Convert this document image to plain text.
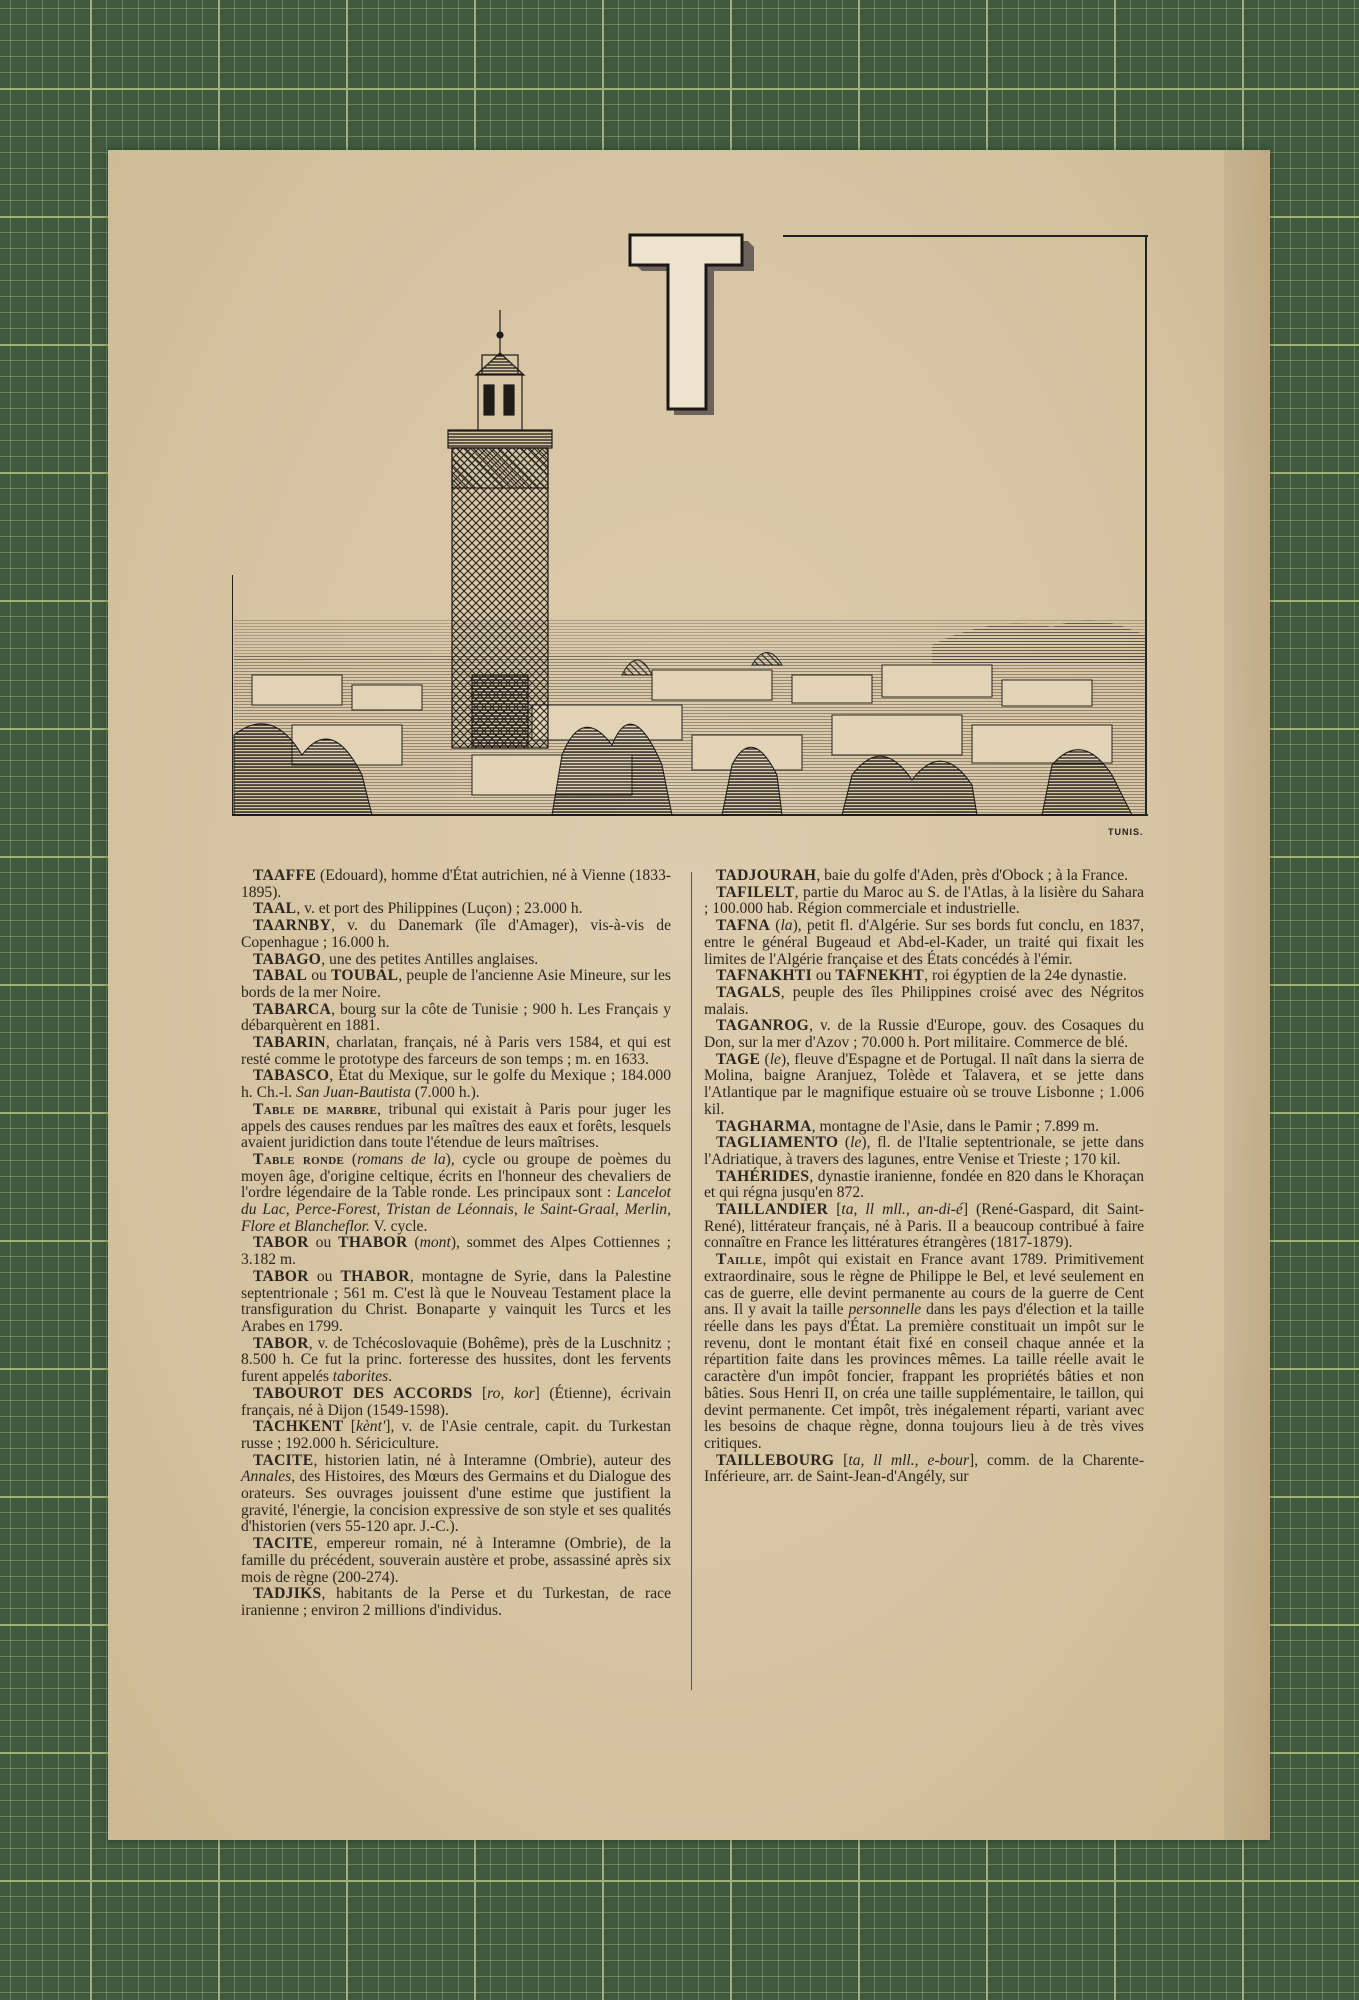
T
TUNIS.

TAAFFE (Edouard), homme d'État autrichien, né à Vienne (1833-1895).

TAAL, v. et port des Philippines (Luçon) ; 23.000 h.

TAARNBY, v. du Danemark (île d'Amager), vis-à-vis de Copenhague ; 16.000 h.

TABAGO, une des petites Antilles anglaises.

TABAL ou TOUBAL, peuple de l'ancienne Asie Mineure, sur les bords de la mer Noire.

TABARCA, bourg sur la côte de Tunisie ; 900 h. Les Français y débarquèrent en 1881.

TABARIN, charlatan, français, né à Paris vers 1584, et qui est resté comme le prototype des farceurs de son temps ; m. en 1633.

TABASCO, État du Mexique, sur le golfe du Mexique ; 184.000 h. Ch.-l. San Juan-Bautista (7.000 h.).

Table de marbre, tribunal qui existait à Paris pour juger les appels des causes rendues par les maîtres des eaux et forêts, lesquels avaient juridiction dans toute l'étendue de leurs maîtrises.

Table ronde (romans de la), cycle ou groupe de poèmes du moyen âge, d'origine celtique, écrits en l'honneur des chevaliers de l'ordre légendaire de la Table ronde. Les principaux sont : Lancelot du Lac, Perce-Forest, Tristan de Léonnais, le Saint-Graal, Merlin, Flore et Blancheflor. V. cycle.

TABOR ou THABOR (mont), sommet des Alpes Cottiennes ; 3.182 m.

TABOR ou THABOR, montagne de Syrie, dans la Palestine septentrionale ; 561 m. C'est là que le Nouveau Testament place la transfiguration du Christ. Bonaparte y vainquit les Turcs et les Arabes en 1799.

TABOR, v. de Tchécoslovaquie (Bohême), près de la Luschnitz ; 8.500 h. Ce fut la princ. forteresse des hussites, dont les fervents furent appelés taborites.

TABOUROT DES ACCORDS [ro, kor] (Étienne), écrivain français, né à Dijon (1549-1598).

TACHKENT [kènt'], v. de l'Asie centrale, capit. du Turkestan russe ; 192.000 h. Sériciculture.

TACITE, historien latin, né à Interamne (Ombrie), auteur des Annales, des Histoires, des Mœurs des Germains et du Dialogue des orateurs. Ses ouvrages jouissent d'une estime que justifient la gravité, l'énergie, la concision expressive de son style et ses qualités d'historien (vers 55-120 apr. J.-C.).

TACITE, empereur romain, né à Interamne (Ombrie), de la famille du précédent, souverain austère et probe, assassiné après six mois de règne (200-274).

TADJIKS, habitants de la Perse et du Turkestan, de race iranienne ; environ 2 millions d'individus.

TADJOURAH, baie du golfe d'Aden, près d'Obock ; à la France.

TAFILELT, partie du Maroc au S. de l'Atlas, à la lisière du Sahara ; 100.000 hab. Région commerciale et industrielle.

TAFNA (la), petit fl. d'Algérie. Sur ses bords fut conclu, en 1837, entre le général Bugeaud et Abd-el-Kader, un traité qui fixait les limites de l'Algérie française et des États concédés à l'émir.

TAFNAKHTI ou TAFNEKHT, roi égyptien de la 24e dynastie.

TAGALS, peuple des îles Philippines croisé avec des Négritos malais.

TAGANROG, v. de la Russie d'Europe, gouv. des Cosaques du Don, sur la mer d'Azov ; 70.000 h. Port militaire. Commerce de blé.

TAGE (le), fleuve d'Espagne et de Portugal. Il naît dans la sierra de Molina, baigne Aranjuez, Tolède et Talavera, et se jette dans l'Atlantique par le magnifique estuaire où se trouve Lisbonne ; 1.006 kil.

TAGHARMA, montagne de l'Asie, dans le Pamir ; 7.899 m.

TAGLIAMENTO (le), fl. de l'Italie septentrionale, se jette dans l'Adriatique, à travers des lagunes, entre Venise et Trieste ; 170 kil.

TAHÉRIDES, dynastie iranienne, fondée en 820 dans le Khoraçan et qui régna jusqu'en 872.

TAILLANDIER [ta, ll mll., an-di-é] (René-Gaspard, dit Saint-René), littérateur français, né à Paris. Il a beaucoup contribué à faire connaître en France les littératures étrangères (1817-1879).

Taille, impôt qui existait en France avant 1789. Primitivement extraordinaire, sous le règne de Philippe le Bel, et levé seulement en cas de guerre, elle devint permanente au cours de la guerre de Cent ans. Il y avait la taille personnelle dans les pays d'élection et la taille réelle dans les pays d'État. La première constituait un impôt sur le revenu, dont le montant était fixé en conseil chaque année et la répartition faite dans les provinces mêmes. La taille réelle avait le caractère d'un impôt foncier, frappant les propriétés bâties et non bâties. Sous Henri II, on créa une taille supplémentaire, le taillon, qui devint permanente. Cet impôt, très inégalement réparti, variant avec les besoins de chaque règne, donna toujours lieu à de très vives critiques.

TAILLEBOURG [ta, ll mll., e-bour], comm. de la Charente-Inférieure, arr. de Saint-Jean-d'Angély, sur
